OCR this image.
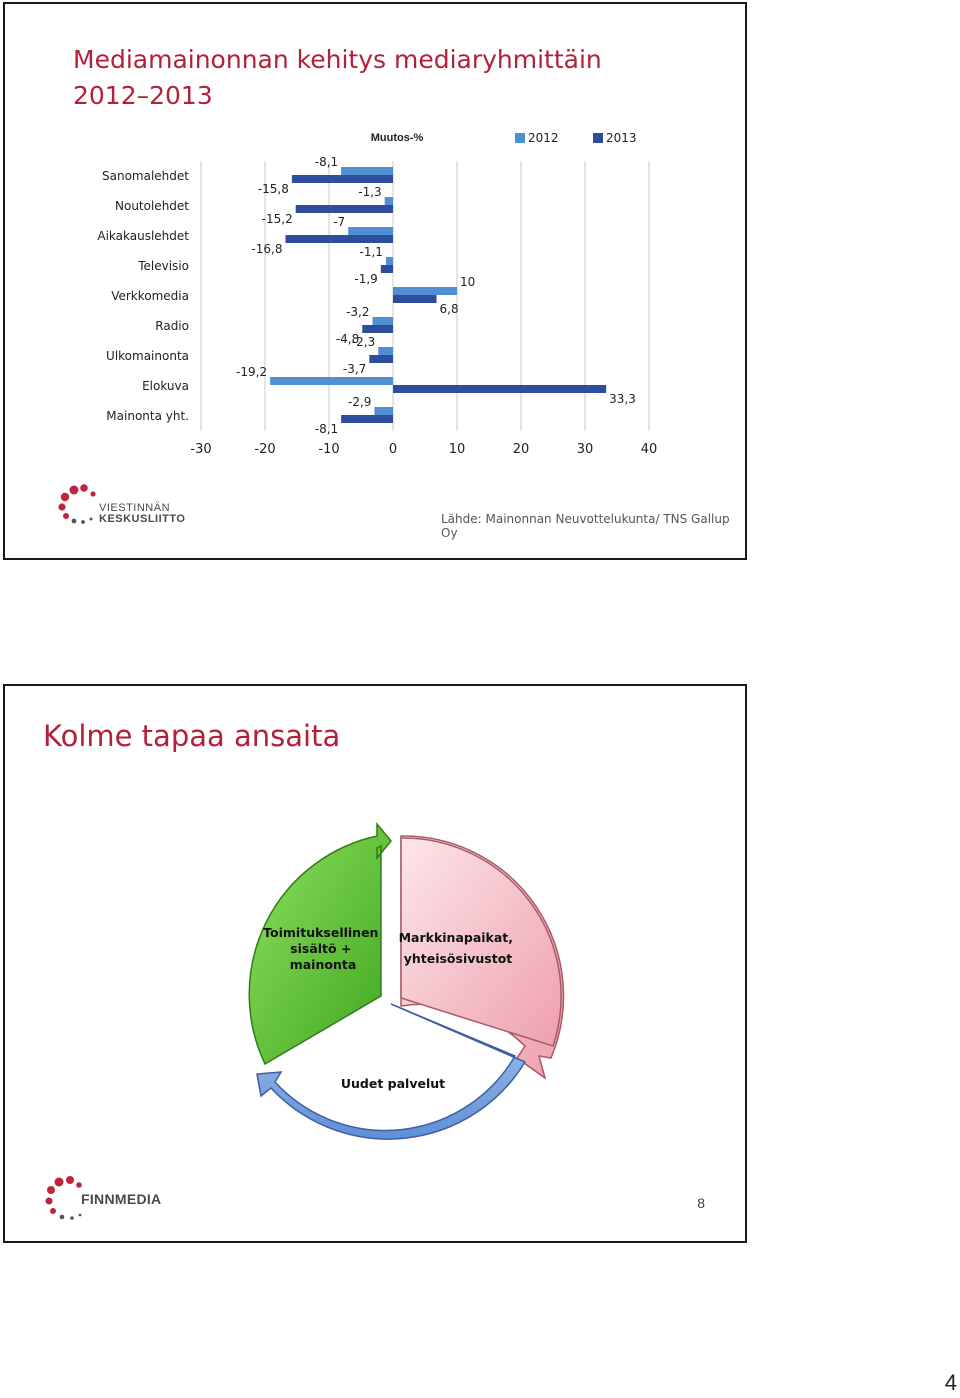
Mediamainonnan kehitys mediaryhmittäin
2012–2013
-30	-20	-10	0	10	20	30	40
Muutos-%	2012	2013
Sanomalehdet
-8,1
-15,8
Noutolehdet
-1,3
-15,2
Aikakauslehdet
-7
-16,8
Televisio
-1,1
-1,9
Verkkomedia
10
6,8
Radio
-3,2
-4,8
Ulkomainonta
-2,3
-3,7
Elokuva
-19,2
33,3
Mainonta yht.
-2,9
-8,1
VIESTINNÄN
KESKUSLIITTO	Lähde: Mainonnan Neuvottelukunta/ TNS Gallup Oy
Kolme tapaa ansaita
Toimituksellinen sisältö + mainonta
Markkinapaikat, yhteisösivustot
Uudet palvelut
FINNMEDIA	8
4
